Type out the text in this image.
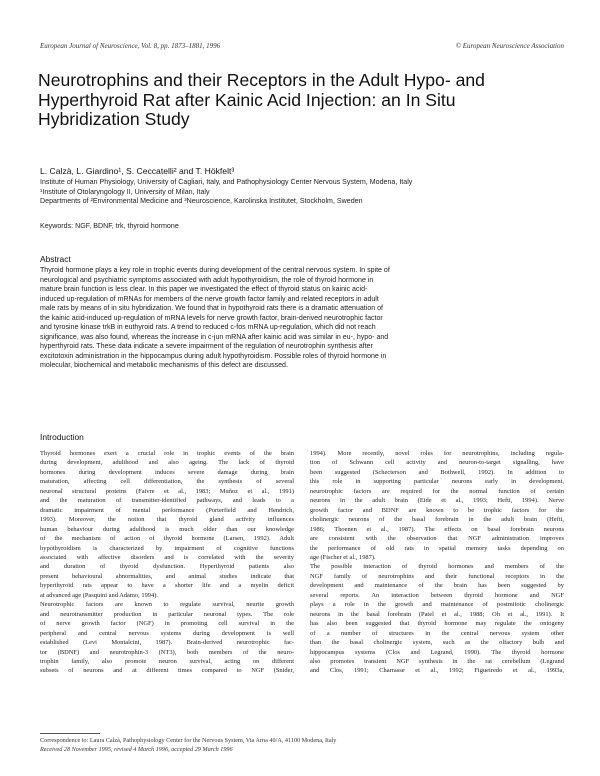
European Journal of Neuroscience, Vol. 8, pp. 1873–1881, 1996	© European Neuroscience Association
Neurotrophins and their Receptors in the Adult Hypo- and
Hyperthyroid Rat after Kainic Acid Injection: an In Situ
Hybridization Study
L. Calzà, L. Giardino¹, S. Ceccatelli² and T. Hökfelt³
Institute of Human Physiology, University of Cagliari, Italy, and Pathophysiology Center Nervous System, Modena, Italy
¹Institute of Otolaryngology II, University of Milan, Italy
Departments of ²Environmental Medicine and ³Neuroscience, Karolinska Institutet, Stockholm, Sweden
Keywords: NGF, BDNF, trk, thyroid hormone
Abstract
Thyroid hormone plays a key role in trophic events during development of the central nervous system. In spite of
neurological and psychiatric symptoms associated with adult hypothyroidism, the role of thyroid hormone in
mature brain function is less clear. In this paper we investigated the effect of thyroid status on kainic acid-
induced up-regulation of mRNAs for members of the nerve growth factor family and related receptors in adult
male rats by means of in situ hybridization. We found that in hypothyroid rats there is a dramatic attenuation of
the kainic acid-induced up-regulation of mRNA levels for nerve growth factor, brain-derived neurotrophic factor
and tyrosine kinase trkB in euthyroid rats. A trend to reduced c-fos mRNA up-regulation, which did not reach
significance, was also found, whereas the increase in c-jun mRNA after kainic acid was similar in eu-, hypo- and
hyperthyroid rats. These data indicate a severe impairment of the regulation of neurotrophin synthesis after
excitotoxin administration in the hippocampus during adult hypothyroidism. Possible roles of thyroid hormone in
molecular, biochemical and metabolic mechanisms of this defect are discussed.
Introduction
Thyroid hormones exert a crucial role in trophic events of the brain
during development, adulthood and also ageing. The lack of thyroid
hormones during development induces severe damage during brain
maturation, affecting cell differentiation, the synthesis of several
neuronal structural proteins (Faivre et al., 1983; Muñoz et al., 1991)
and the maturation of transmitter-identified pathways, and leads to a
dramatic impairment of mental performance (Porterfield and Hendrich,
1993). Moreover, the notion that thyroid gland activity influences
human behaviour during adulthood is much older than our knowledge
of the mechanism of action of thyroid hormone (Larsen, 1992). Adult
hypothyroidism is characterized by impairment of cognitive functions
associated with affective disorders and is correlated with the severity
and duration of thyroid dysfunction. Hyperthyroid patients also
present behavioural abnormalities, and animal studies indicate that
hyperthyroid rats appear to have a shorter life and a myelin deficit
at advanced age (Pasquini and Adamo, 1994).
Neurotrophic factors are known to regulate survival, neurite growth
and neurotransmitter production in particular neuronal types. The role
of nerve growth factor (NGF) in promoting cell survival in the
peripheral and central nervous systems during development is well
established (Levi Montalcini, 1987). Brain-derived neurotrophic fac-
tor (BDNF) and neurotrophin-3 (NT3), both members of the neuro-
trophin family, also promote neuron survival, acting on different
subsets of neurons and at different times compared to NGF (Snider,
1994). More recently, novel roles for neurotrophins, including regula-
tion of Schwann cell activity and neuron-to-target signalling, have
been suggested (Schecterson and Bothwell, 1992). In addition to
this role in supporting particular neurons early in development,
neurotrophic factors are required for the normal function of certain
neurons in the adult brain (Eide et al., 1993; Hefti, 1994). Nerve
growth factor and BDNF are known to be trophic factors for the
cholinergic neurons of the basal forebrain in the adult brain (Hefti,
1986; Thoenen et al., 1987). The effects on basal forebrain neurons
are consistent with the observation that NGF administration improves
the performance of old rats in spatial memory tasks depending on
age (Fischer et al., 1987).
The possible interaction of thyroid hormones and members of the
NGF family of neurotrophins and their functional receptors in the
development and maintenance of the brain has been suggested by
several reports. An interaction between thyroid hormone and NGF
plays a role in the growth and maintenance of postmitotic cholinergic
neurons in the basal forebrain (Patel et al., 1988; Oh et al., 1991). It
has also been suggested that thyroid hormone may regulate the ontogeny
of a number of structures in the central nervous system other
than the basal cholinergic system, such as the olfactory bulb and
hippocampus systems (Clos and Legrand, 1990). The thyroid hormone
also promotes transient NGF synthesis in the rat cerebellum (Legrand
and Clos, 1991; Charrasse et al., 1992; Figueiredo et al., 1993a,
Correspondence to: Laura Calzà, Pathophysiology Center for the Nervous System, Via Arna 40/A, 41100 Modena, Italy
Received 28 November 1995, revised 4 March 1996, accepted 29 March 1996
